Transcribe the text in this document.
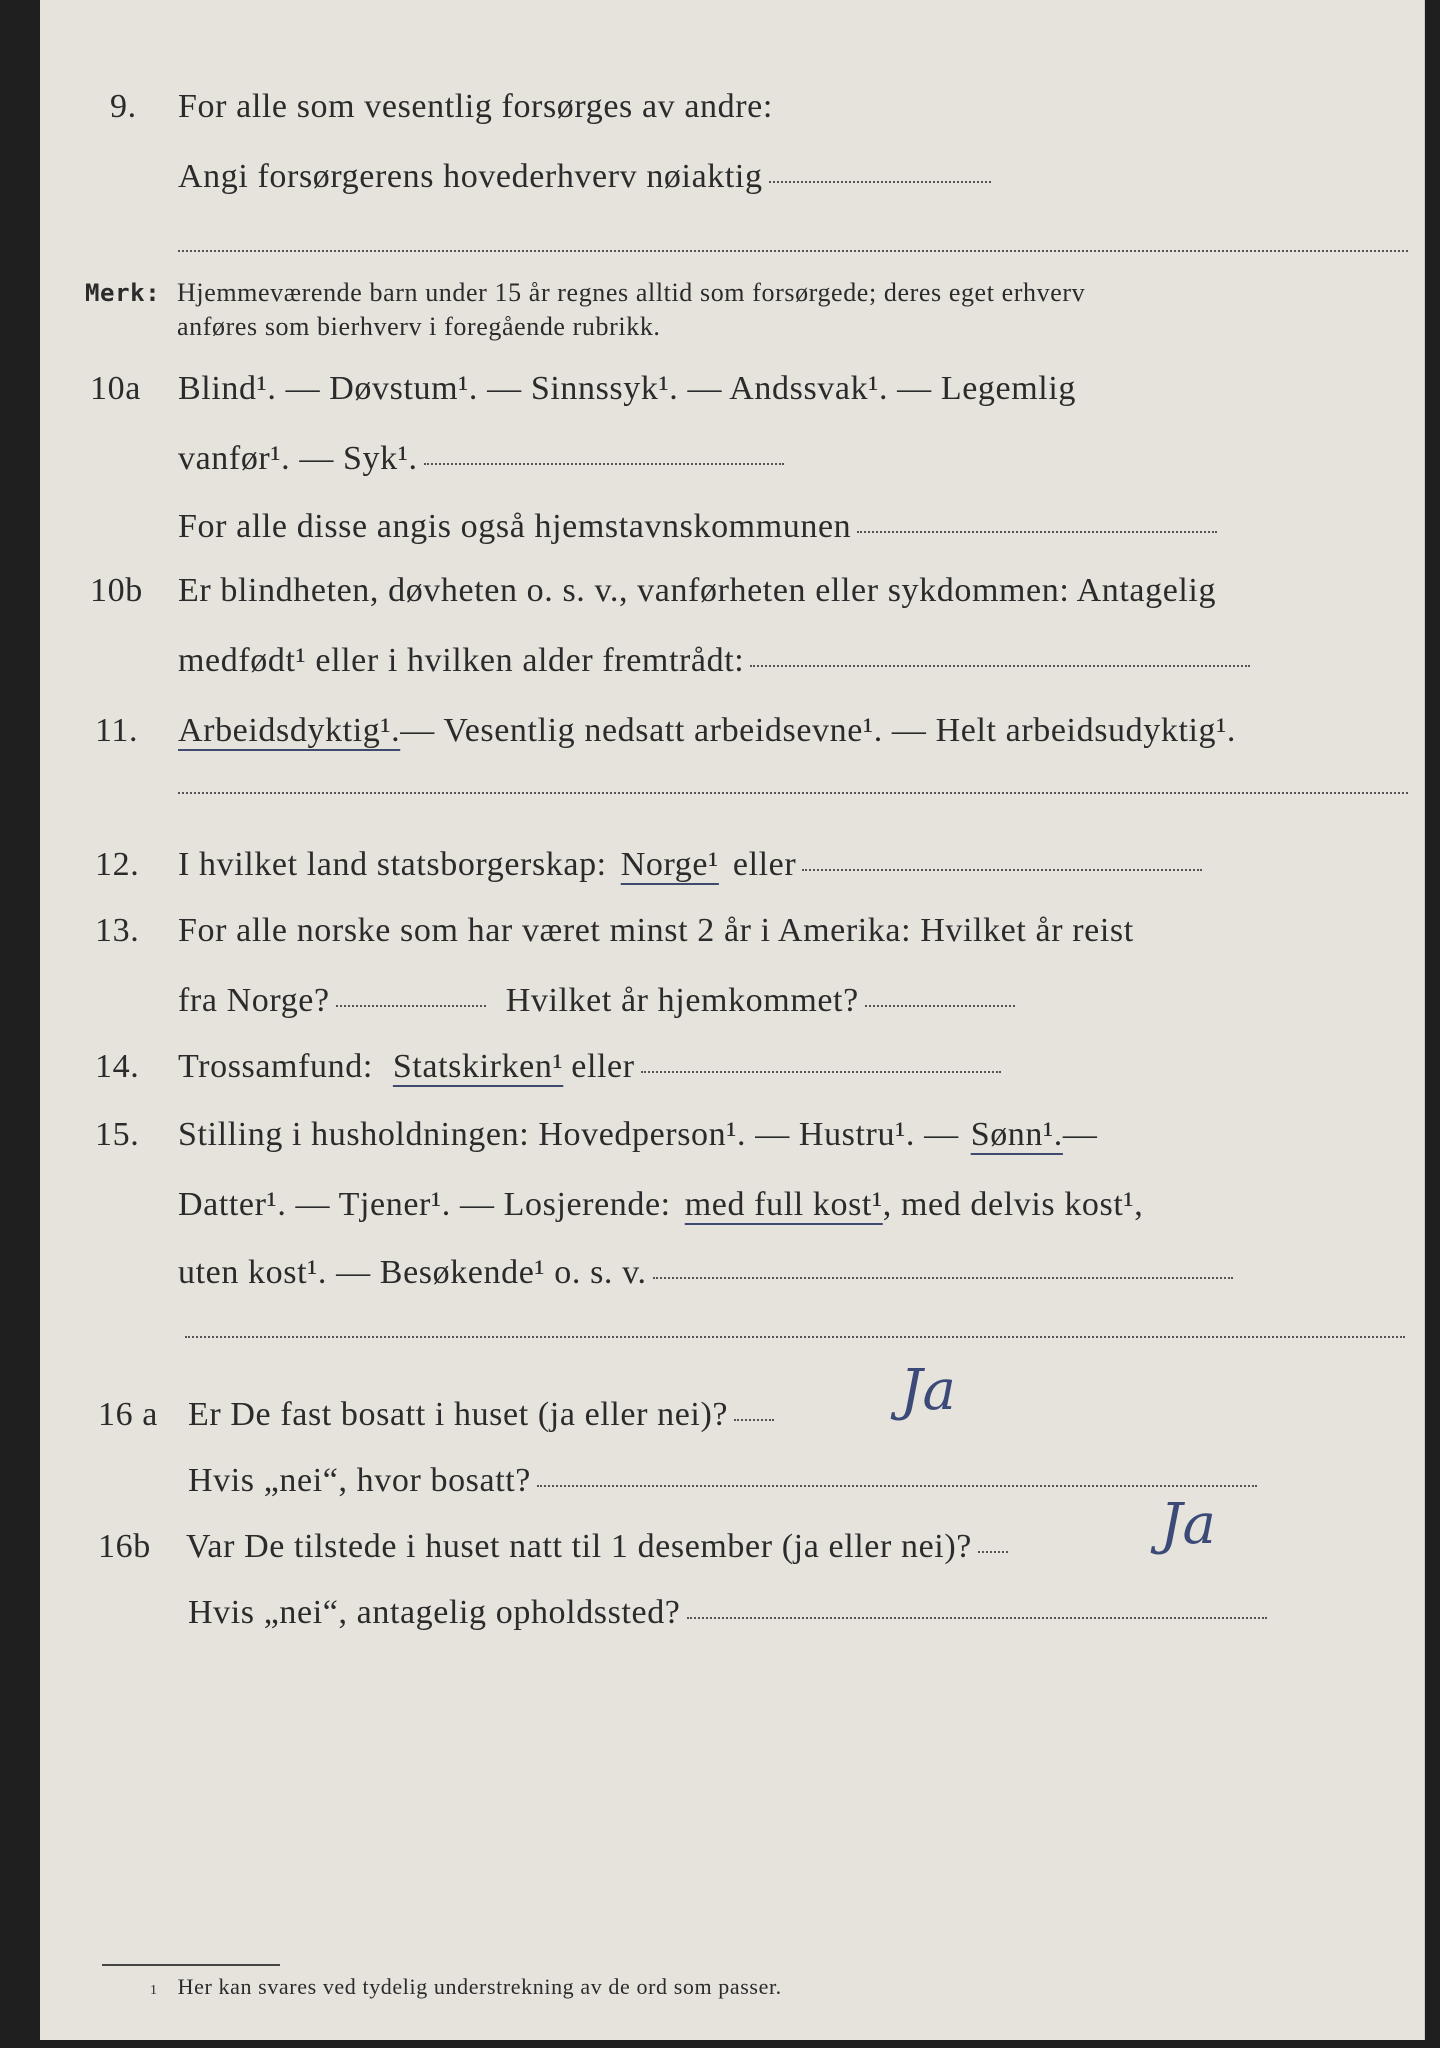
9.	For alle som vesentlig forsørges av andre:
Angi forsørgerens hovederhverv nøiaktig
Merk: Hjemmeværende barn under 15 år regnes alltid som forsørgede; deres eget erhverv
anføres som bierhverv i foregående rubrikk.
10a	Blind¹. — Døvstum¹. — Sinnssyk¹. — Andssvak¹. — Legemlig
vanfør¹. — Syk¹.
For alle disse angis også hjemstavnskommunen
10b	Er blindheten, døvheten o. s. v., vanførheten eller sykdommen: Antagelig
medfødt¹ eller i hvilken alder fremtrådt:
11.	Arbeidsdyktig¹. — Vesentlig nedsatt arbeidsevne¹. — Helt arbeidsudyktig¹.
12.	I hvilket land statsborgerskap: Norge¹ eller
13.	For alle norske som har været minst 2 år i Amerika: Hvilket år reist
fra Norge?	Hvilket år hjemkommet?
14.	Trossamfund: Statskirken¹ eller
15.	Stilling i husholdningen: Hovedperson¹. — Hustru¹. — Sønn¹. —
Datter¹. — Tjener¹. — Losjerende: med full kost¹ , med delvis kost¹,
uten kost¹. — Besøkende¹ o. s. v.
16 a Er De fast bosatt i huset (ja eller nei)?	Ja
Hvis „nei“, hvor bosatt?
16b	Var De tilstede i huset natt til 1 desember (ja eller nei)?	Ja
Hvis „nei“, antagelig opholdssted?
1 Her kan svares ved tydelig understrekning av de ord som passer.
